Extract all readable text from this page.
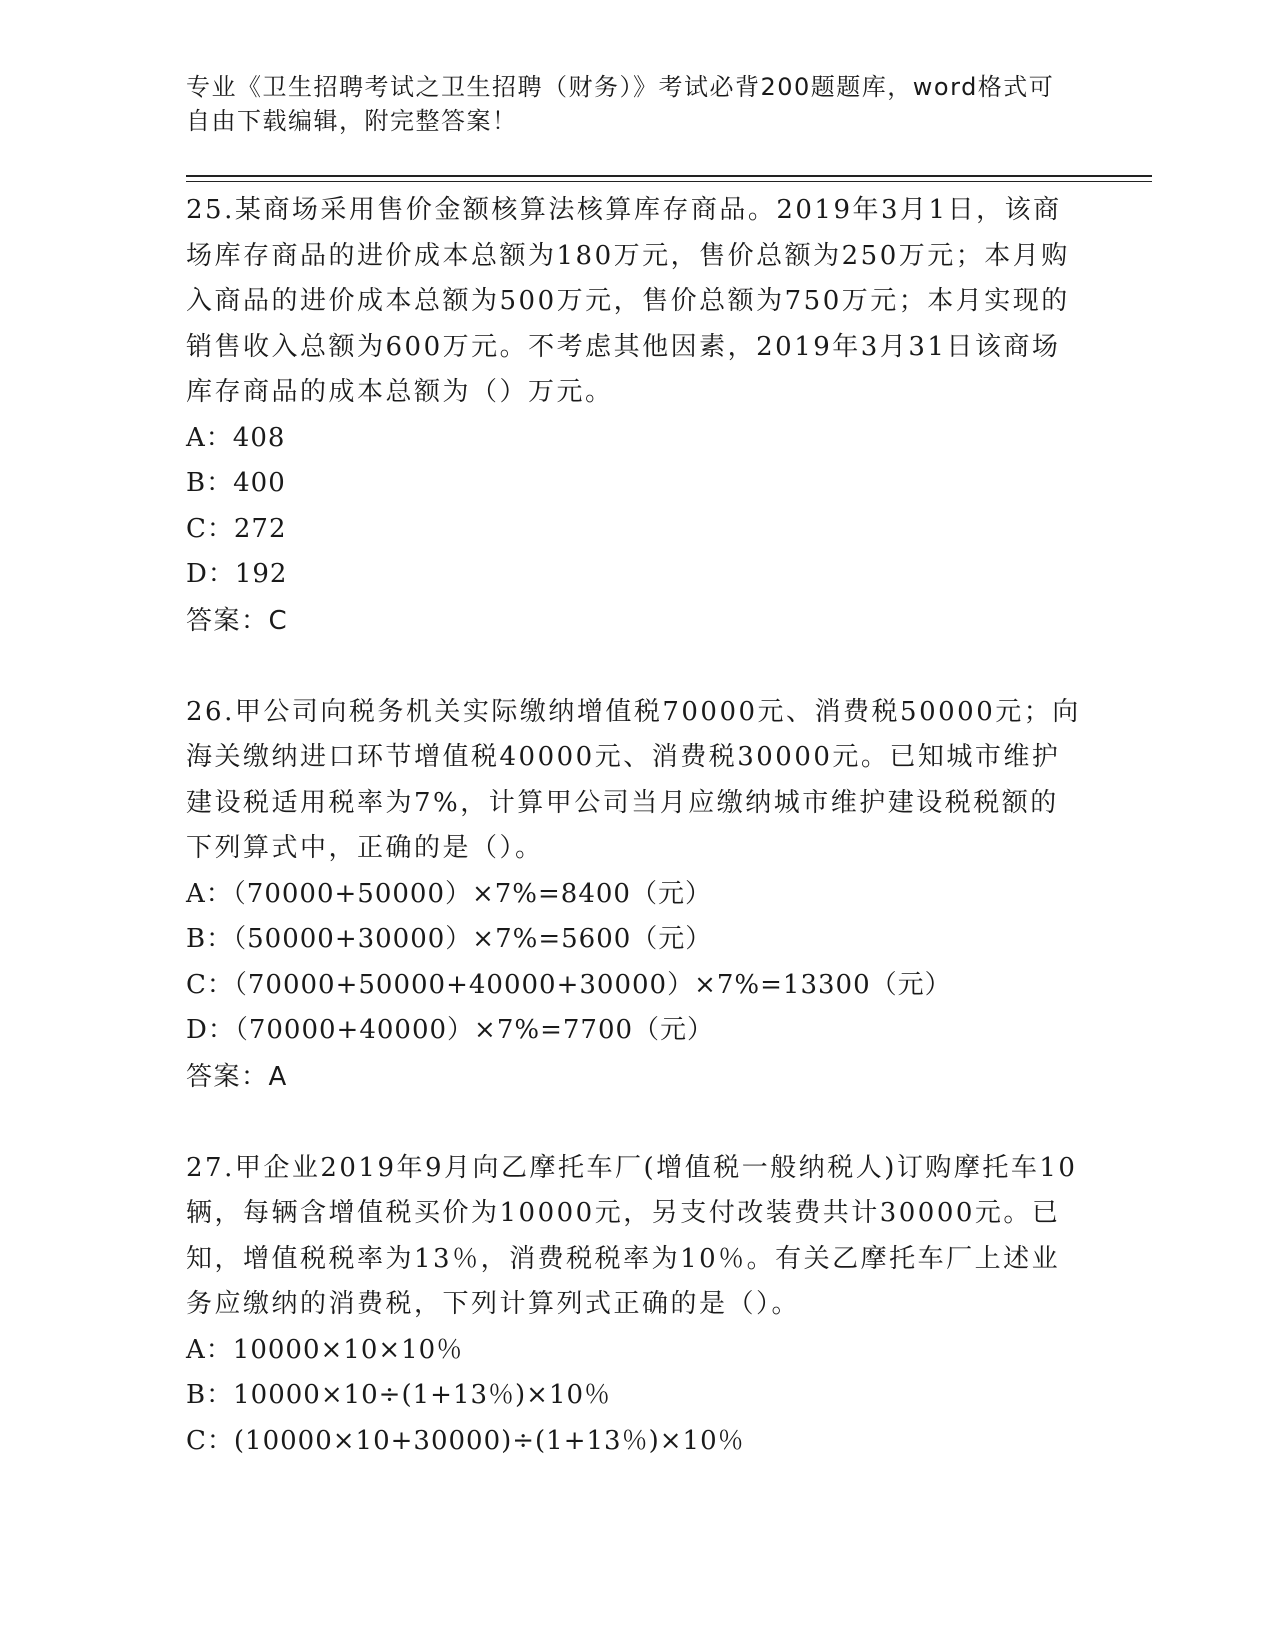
专业《卫生招聘考试之卫生招聘（财务）》考试必背200题题库，word格式可自由下载编辑，附完整答案！
25.某商场采用售价金额核算法核算库存商品。2019年3月1日，该商场库存商品的进价成本总额为180万元，售价总额为250万元；本月购入商品的进价成本总额为500万元，售价总额为750万元；本月实现的销售收入总额为600万元。不考虑其他因素，2019年3月31日该商场库存商品的成本总额为（）万元。
A：408
B：400
C：272
D：192
答案：C
26.甲公司向税务机关实际缴纳增值税70000元、消费税50000元；向海关缴纳进口环节增值税40000元、消费税30000元。已知城市维护建设税适用税率为7%，计算甲公司当月应缴纳城市维护建设税税额的下列算式中，正确的是（）。
A：（70000+50000）×7%=8400（元）
B：（50000+30000）×7%=5600（元）
C：（70000+50000+40000+30000）×7%=13300（元）
D：（70000+40000）×7%=7700（元）
答案：A
27.甲企业2019年9月向乙摩托车厂(增值税一般纳税人)订购摩托车10辆，每辆含增值税买价为10000元，另支付改装费共计30000元。已知，增值税税率为13％，消费税税率为10％。有关乙摩托车厂上述业务应缴纳的消费税，下列计算列式正确的是（）。
A：10000×10×10％
B：10000×10÷(1+13％)×10％
C：(10000×10+30000)÷(1+13％)×10％
